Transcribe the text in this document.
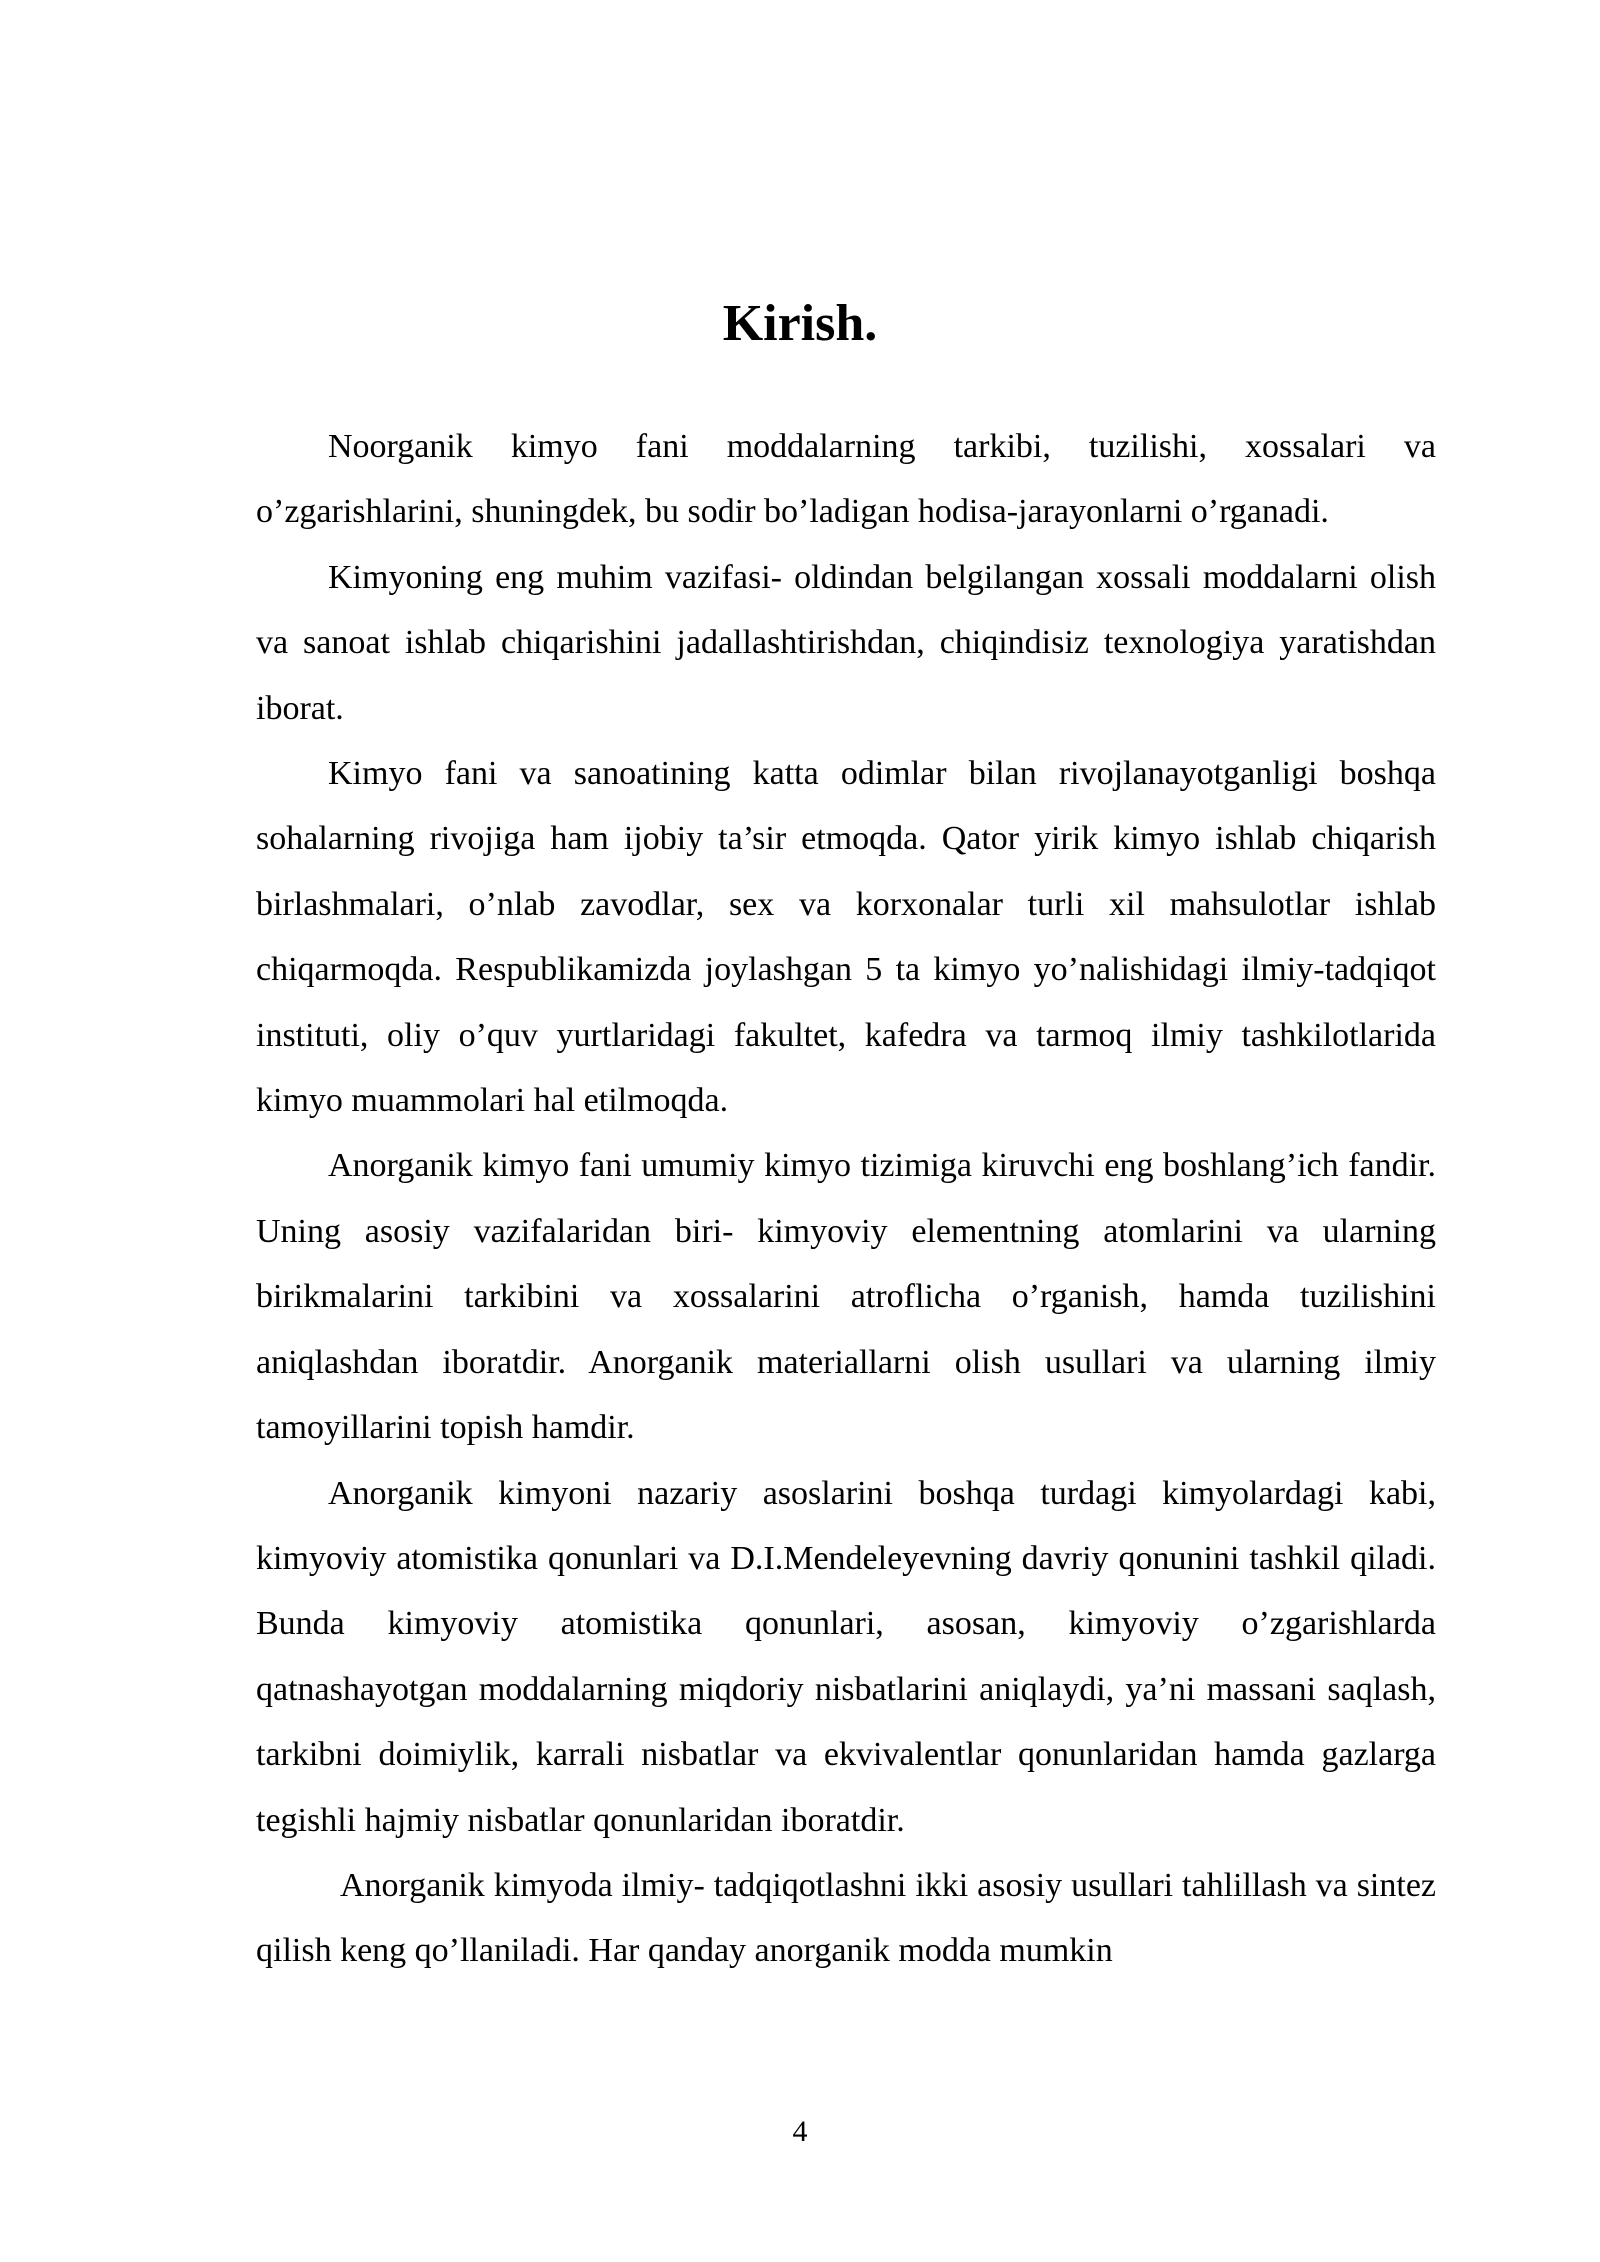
Kirish.

Noorganik kimyo fani moddalarning tarkibi, tuzilishi, xossalari va o’zgarishlarini, shuningdek, bu sodir bo’ladigan hodisa-jarayonlarni o’rganadi.

Kimyoning eng muhim vazifasi- oldindan belgilangan xossali moddalarni olish va sanoat ishlab chiqarishini jadallashtirishdan, chiqindisiz texnologiya yaratishdan iborat.

Kimyo fani va sanoatining katta odimlar bilan rivojlanayotganligi boshqa sohalarning rivojiga ham ijobiy ta’sir etmoqda. Qator yirik kimyo ishlab chiqarish birlashmalari, o’nlab zavodlar, sex va korxonalar turli xil mahsulotlar ishlab chiqarmoqda. Respublikamizda joylashgan 5 ta kimyo yo’nalishidagi ilmiy-tadqiqot instituti, oliy o’quv yurtlaridagi fakultet, kafedra va tarmoq ilmiy tashkilotlarida kimyo muammolari hal etilmoqda.

Anorganik kimyo fani umumiy kimyo tizimiga kiruvchi eng boshlang’ich fandir. Uning asosiy vazifalaridan biri- kimyoviy elementning atomlarini va ularning birikmalarini tarkibini va xossalarini atroflicha o’rganish, hamda tuzilishini aniqlashdan iboratdir. Anorganik materiallarni olish usullari va ularning ilmiy tamoyillarini topish hamdir.

Anorganik kimyoni nazariy asoslarini boshqa turdagi kimyolardagi kabi, kimyoviy atomistika qonunlari va D.I.Mendeleyevning davriy qonunini tashkil qiladi. Bunda kimyoviy atomistika qonunlari, asosan, kimyoviy o’zgarishlarda qatnashayotgan moddalarning miqdoriy nisbatlarini aniqlaydi, ya’ni massani saqlash, tarkibni doimiylik, karrali nisbatlar va ekvivalentlar qonunlaridan hamda gazlarga tegishli hajmiy nisbatlar qonunlaridan iboratdir.

Anorganik kimyoda ilmiy- tadqiqotlashni ikki asosiy usullari tahlillash va sintez qilish keng qo’llaniladi. Har qanday anorganik modda mumkin

4
